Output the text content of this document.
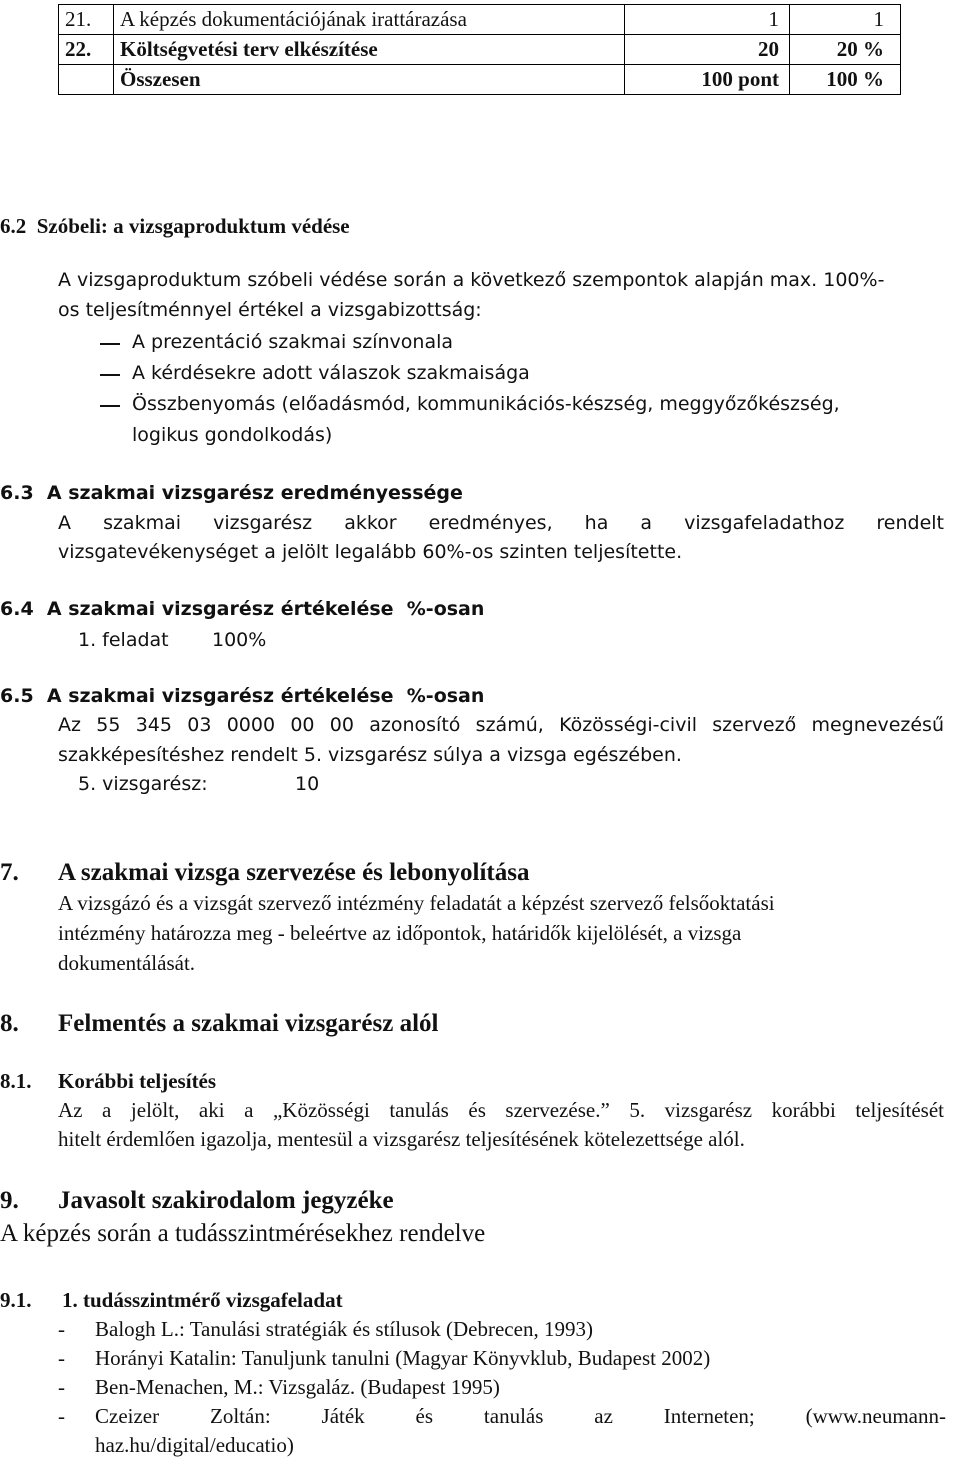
21.	A képzés dokumentációjának irattárazása	1	1
22.	Költségvetési terv elkészítése	20	20 %
	Összesen	100 pont	100 %
6.2  Szóbeli: a vizsgaproduktum védése
A vizsgaproduktum szóbeli védése során a következő szempontok alapján max. 100%-
os teljesítménnyel értékel a vizsgabizottság:
A prezentáció szakmai színvonala
A kérdésekre adott válaszok szakmaisága
Összbenyomás (előadásmód, kommunikációs-készség, meggyőzőkészség,
logikus gondolkodás)
6.3  A szakmai vizsgarész eredményessége
A szakmai vizsgarész akkor eredményes, ha a vizsgafeladathoz rendelt
vizsgatevékenységet a jelölt legalább 60%-os szinten teljesítette.
6.4  A szakmai vizsgarész értékelése  %-osan
1. feladat 100%
6.5  A szakmai vizsgarész értékelése  %-osan
Az 55 345 03 0000 00 00 azonosító számú, Közösségi-civil szervező megnevezésű
szakképesítéshez rendelt 5. vizsgarész súlya a vizsga egészében.
5. vizsgarész:	10
7. A szakmai vizsga szervezése és lebonyolítása
A vizsgázó és a vizsgát szervező intézmény feladatát a képzést szervező felsőoktatási
intézmény határozza meg - beleértve az időpontok, határidők kijelölését, a vizsga
dokumentálását.
8. Felmentés a szakmai vizsgarész alól
8.1. Korábbi teljesítés
Az a jelölt, aki a „Közösségi tanulás és szervezése.” 5. vizsgarész korábbi teljesítését
hitelt érdemlően igazolja, mentesül a vizsgarész teljesítésének kötelezettsége alól.
9. Javasolt szakirodalom jegyzéke
A képzés során a tudásszintmérésekhez rendelve
9.1. 1. tudásszintmérő vizsgafeladat
- Balogh L.: Tanulási stratégiák és stílusok (Debrecen, 1993)
- Horányi Katalin: Tanuljunk tanulni (Magyar Könyvklub, Budapest 2002)
- Ben-Menachen, M.: Vizsgaláz. (Budapest 1995)
- Czeizer Zoltán: Játék és tanulás az Interneten; (www.neumann-
haz.hu/digital/educatio)
